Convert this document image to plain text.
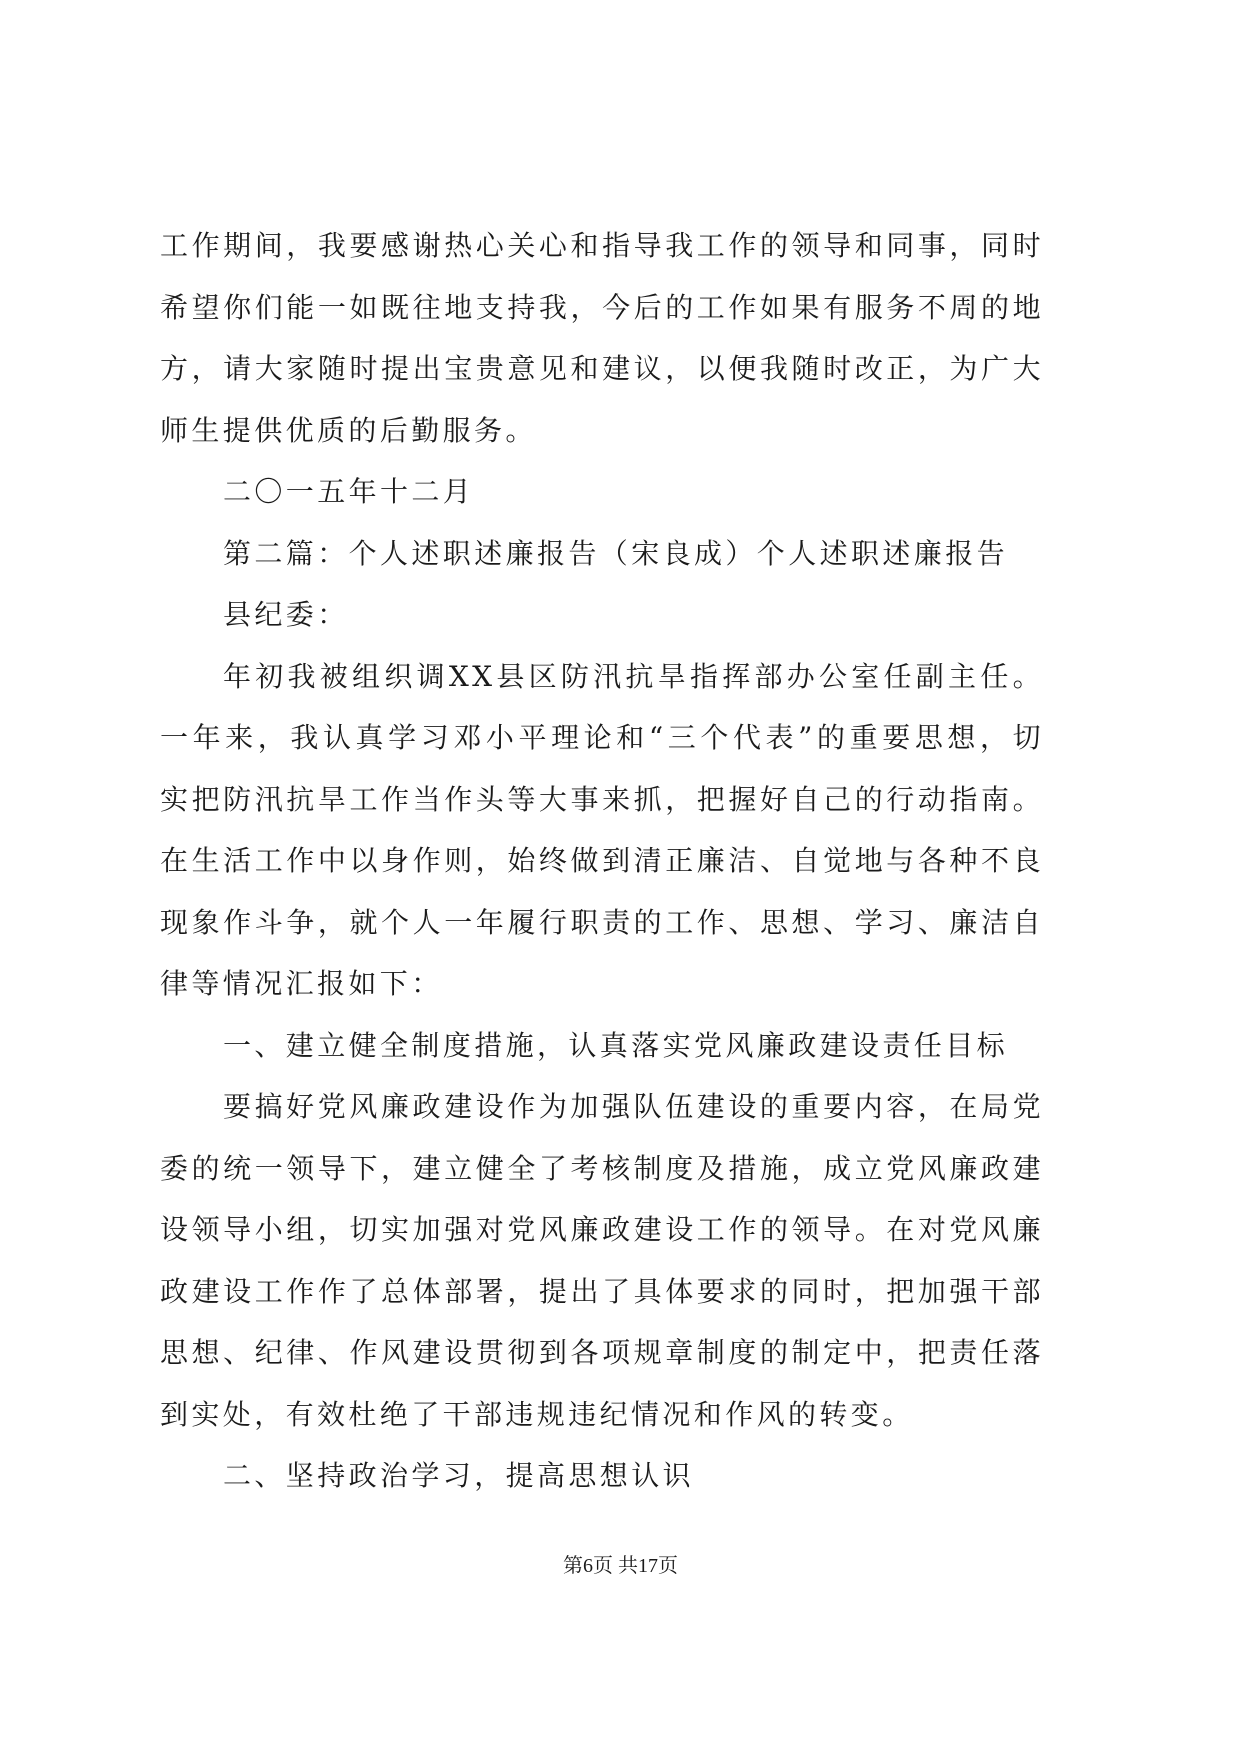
工作期间，我要感谢热心关心和指导我工作的领导和同事，同时
希望你们能一如既往地支持我，今后的工作如果有服务不周的地
方，请大家随时提出宝贵意见和建议，以便我随时改正，为广大
师生提供优质的后勤服务。
二〇一五年十二月
第二篇：个人述职述廉报告（宋良成）个人述职述廉报告
县纪委：
年初我被组织调XX县区防汛抗旱指挥部办公室任副主任。
一年来，我认真学习邓小平理论和“三个代表”的重要思想，切
实把防汛抗旱工作当作头等大事来抓，把握好自己的行动指南。
在生活工作中以身作则，始终做到清正廉洁、自觉地与各种不良
现象作斗争，就个人一年履行职责的工作、思想、学习、廉洁自
律等情况汇报如下：
一、建立健全制度措施，认真落实党风廉政建设责任目标
要搞好党风廉政建设作为加强队伍建设的重要内容，在局党
委的统一领导下，建立健全了考核制度及措施，成立党风廉政建
设领导小组，切实加强对党风廉政建设工作的领导。在对党风廉
政建设工作作了总体部署，提出了具体要求的同时，把加强干部
思想、纪律、作风建设贯彻到各项规章制度的制定中，把责任落
到实处，有效杜绝了干部违规违纪情况和作风的转变。
二、坚持政治学习，提高思想认识
第6页 共17页
